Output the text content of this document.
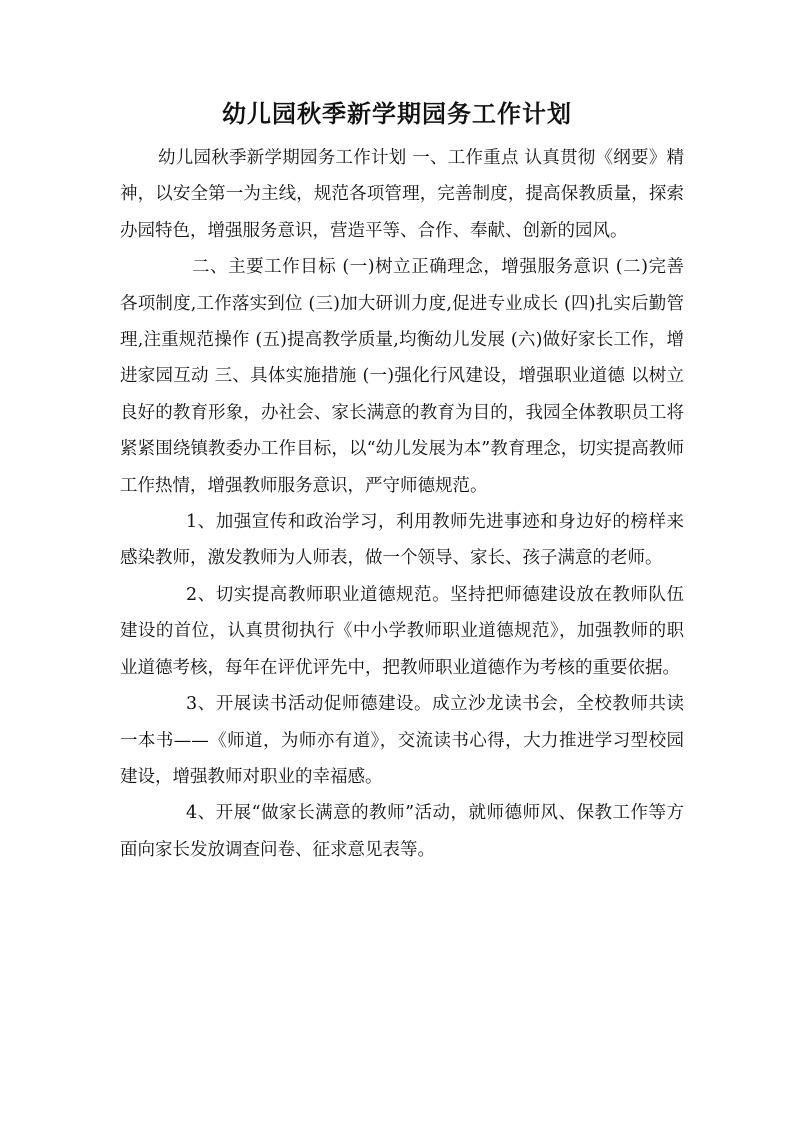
幼儿园秋季新学期园务工作计划

幼儿园秋季新学期园务工作计划 一、工作重点 认真贯彻《纲要》精神，以安全第一为主线，规范各项管理，完善制度，提高保教质量，探索办园特色，增强服务意识，营造平等、合作、奉献、创新的园风。

二、主要工作目标 (一)树立正确理念，增强服务意识 (二)完善各项制度,工作落实到位 (三)加大研训力度,促进专业成长 (四)扎实后勤管理,注重规范操作 (五)提高教学质量,均衡幼儿发展 (六)做好家长工作，增进家园互动 三、具体实施措施 (一)强化行风建设，增强职业道德 以树立良好的教育形象，办社会、家长满意的教育为目的，我园全体教职员工将紧紧围绕镇教委办工作目标，以“幼儿发展为本”教育理念，切实提高教师工作热情，增强教师服务意识，严守师德规范。

1、加强宣传和政治学习，利用教师先进事迹和身边好的榜样来感染教师，激发教师为人师表，做一个领导、家长、孩子满意的老师。

2、切实提高教师职业道德规范。坚持把师德建设放在教师队伍建设的首位，认真贯彻执行《中小学教师职业道德规范》，加强教师的职业道德考核，每年在评优评先中，把教师职业道德作为考核的重要依据。

3、开展读书活动促师德建设。成立沙龙读书会，全校教师共读一本书——《师道，为师亦有道》，交流读书心得，大力推进学习型校园建设，增强教师对职业的幸福感。

4、开展“做家长满意的教师”活动，就师德师风、保教工作等方面向家长发放调查问卷、征求意见表等。
